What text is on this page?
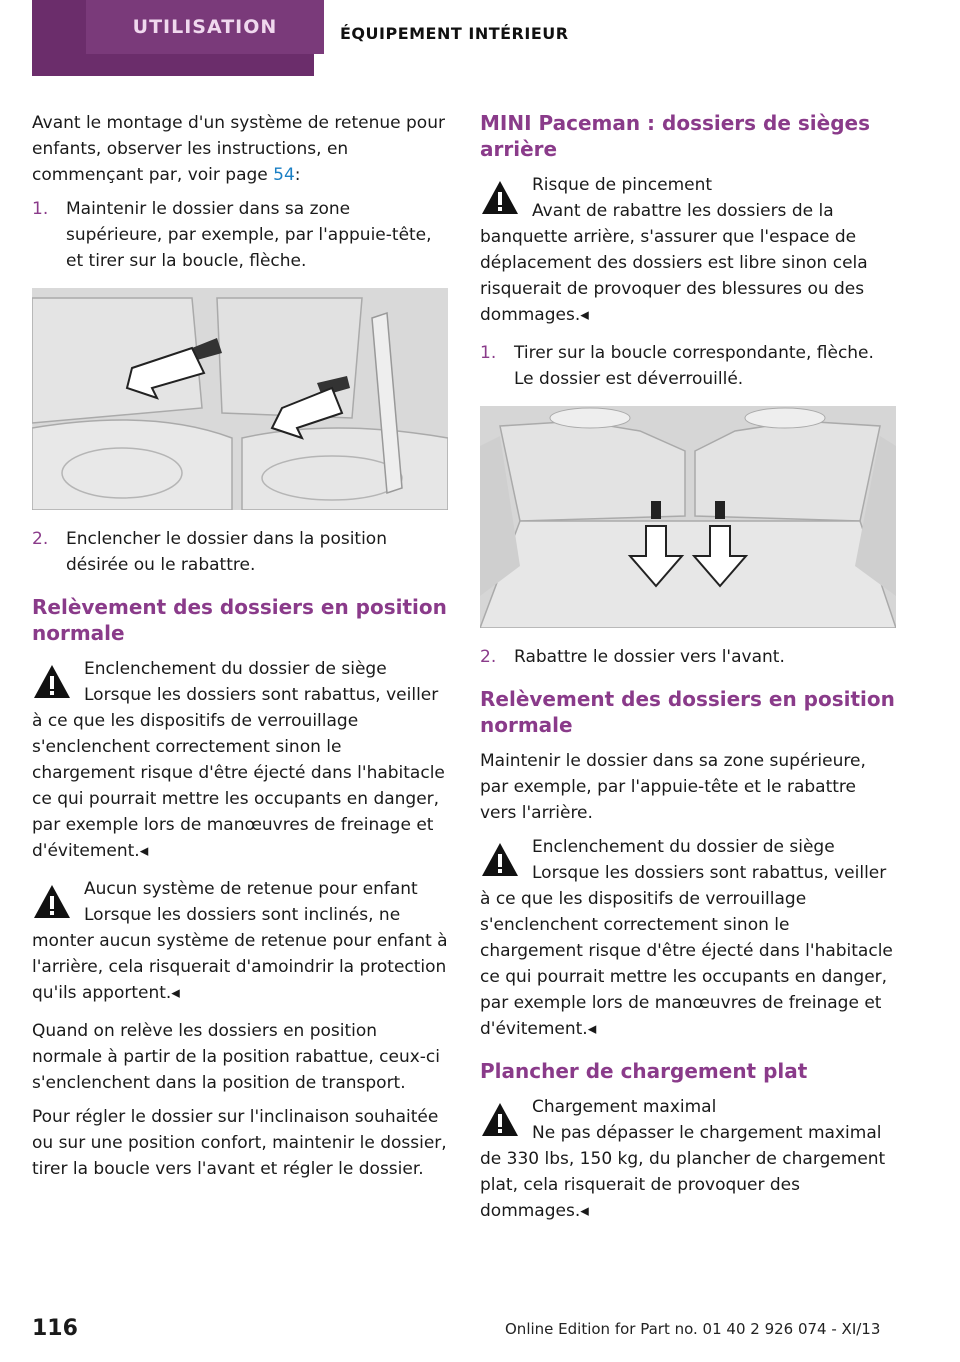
UTILISATION	ÉQUIPEMENT INTÉRIEUR

Avant le montage d'un système de retenue pour enfants, observer les instructions, en commençant par, voir page 54:

1.	Maintenir le dossier dans sa zone supérieure, par exemple, par l'appuie-tête, et tirer sur la boucle, flèche.
2.	Enclencher le dossier dans la position désirée ou le rabattre.
Relèvement des dossiers en position normale
Enclenchement du dossier de siège
Lorsque les dossiers sont rabattus, veiller à ce que les dispositifs de verrouillage s'enclenchent correctement sinon le chargement risque d'être éjecté dans l'habitacle ce qui pourrait mettre les occupants en danger, par exemple lors de manœuvres de freinage et d'évitement.◂
Aucun système de retenue pour enfant
Lorsque les dossiers sont inclinés, ne monter aucun système de retenue pour enfant à l'arrière, cela risquerait d'amoindrir la protection qu'ils apportent.◂

Quand on relève les dossiers en position normale à partir de la position rabattue, ceux-ci s'enclenchent dans la position de transport.

Pour régler le dossier sur l'inclinaison souhaitée ou sur une position confort, maintenir le dossier, tirer la boucle vers l'avant et régler le dossier.

MINI Paceman : dossiers de sièges arrière
Risque de pincement
Avant de rabattre les dossiers de la banquette arrière, s'assurer que l'espace de déplacement des dossiers est libre sinon cela risquerait de provoquer des blessures ou des dommages.◂
1.	Tirer sur la boucle correspondante, flèche.
Le dossier est déverrouillé.
2.	Rabattre le dossier vers l'avant.
Relèvement des dossiers en position normale

Maintenir le dossier dans sa zone supérieure, par exemple, par l'appuie-tête et le rabattre vers l'arrière.

Enclenchement du dossier de siège
Lorsque les dossiers sont rabattus, veiller à ce que les dispositifs de verrouillage s'enclenchent correctement sinon le chargement risque d'être éjecté dans l'habitacle ce qui pourrait mettre les occupants en danger, par exemple lors de manœuvres de freinage et d'évitement.◂
Plancher de chargement plat
Chargement maximal
Ne pas dépasser le chargement maximal de 330 lbs, 150 kg, du plancher de chargement plat, cela risquerait de provoquer des dommages.◂
116	Online Edition for Part no. 01 40 2 926 074 - XI/13
